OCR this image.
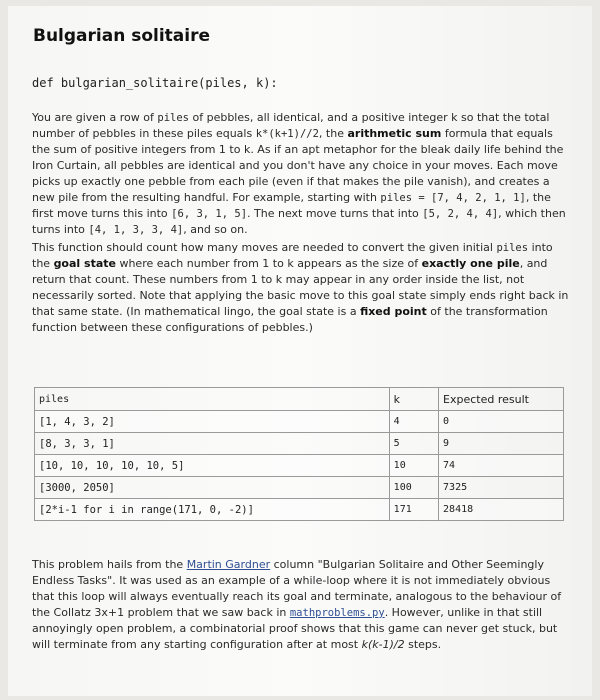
Bulgarian solitaire
def bulgarian_solitaire(piles, k):
You are given a row of piles of pebbles, all identical, and a positive integer k so that the total number of pebbles in these piles equals k*(k+1)//2, the arithmetic sum formula that equals the sum of positive integers from 1 to k. As if an apt metaphor for the bleak daily life behind the Iron Curtain, all pebbles are identical and you don't have any choice in your moves. Each move picks up exactly one pebble from each pile (even if that makes the pile vanish), and creates a new pile from the resulting handful. For example, starting with piles = [7, 4, 2, 1, 1], the first move turns this into [6, 3, 1, 5]. The next move turns that into [5, 2, 4, 4], which then turns into [4, 1, 3, 3, 4], and so on.
This function should count how many moves are needed to convert the given initial piles into the goal state where each number from 1 to k appears as the size of exactly one pile, and return that count. These numbers from 1 to k may appear in any order inside the list, not necessarily sorted. Note that applying the basic move to this goal state simply ends right back in that same state. (In mathematical lingo, the goal state is a fixed point of the transformation function between these configurations of pebbles.)
piles	k	Expected result
[1, 4, 3, 2]	4	0
[8, 3, 3, 1]	5	9
[10, 10, 10, 10, 10, 5]	10	74
[3000, 2050]	100	7325
[2*i-1 for i in range(171, 0, -2)]	171	28418
This problem hails from the Martin Gardner column "Bulgarian Solitaire and Other Seemingly Endless Tasks". It was used as an example of a while-loop where it is not immediately obvious that this loop will always eventually reach its goal and terminate, analogous to the behaviour of the Collatz 3x+1 problem that we saw back in mathproblems.py. However, unlike in that still annoyingly open problem, a combinatorial proof shows that this game can never get stuck, but will terminate from any starting configuration after at most k(k-1)/2 steps.
